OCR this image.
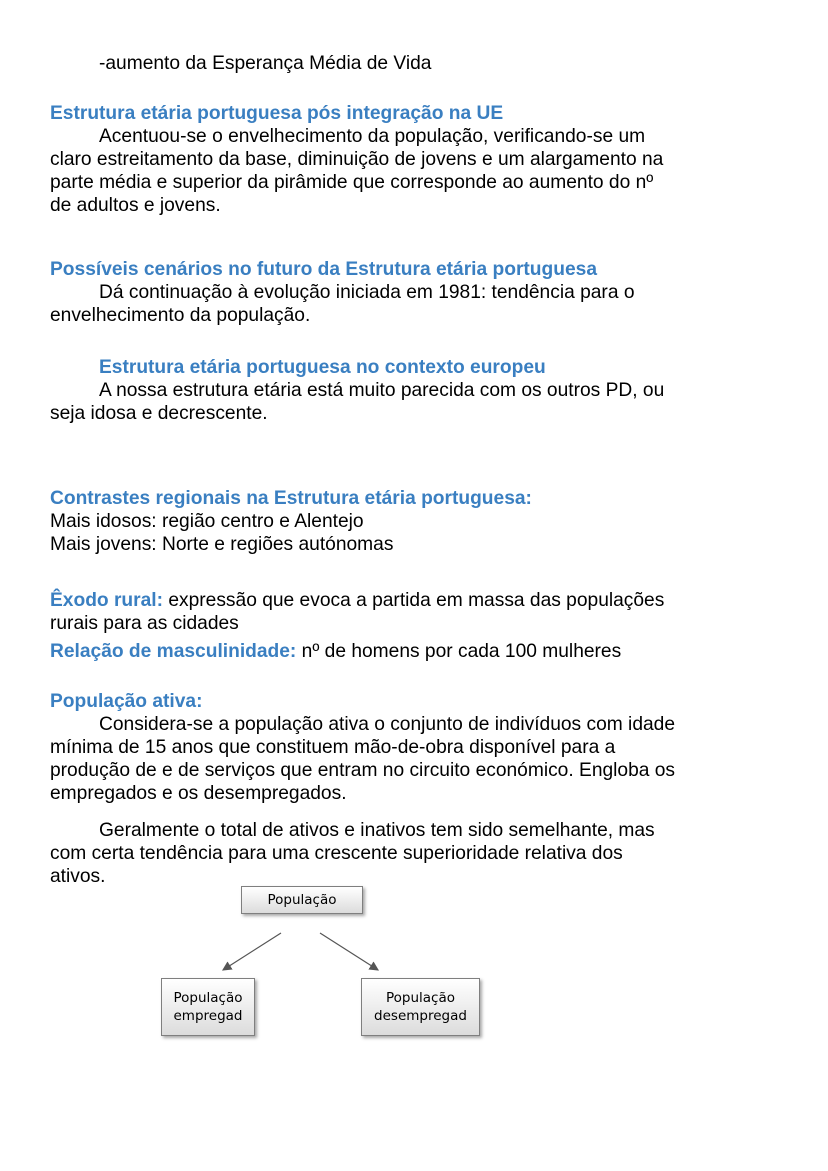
-aumento da Esperança Média de Vida

Estrutura etária portuguesa pós integração na UE

Acentuou-se o envelhecimento da população, verificando-se um

claro estreitamento da base, diminuição de jovens e um alargamento na

parte média e superior da pirâmide que corresponde ao aumento do nº

de adultos e jovens.

Possíveis cenários no futuro da Estrutura etária portuguesa

Dá continuação à evolução iniciada em 1981: tendência para o

envelhecimento da população.

Estrutura etária portuguesa no contexto europeu

A nossa estrutura etária está muito parecida com os outros PD, ou

seja idosa e decrescente.

Contrastes regionais na Estrutura etária portuguesa:

Mais idosos: região centro e Alentejo

Mais jovens: Norte e regiões autónomas

Êxodo rural: expressão que evoca a partida em massa das populações

rurais para as cidades

Relação de masculinidade: nº de homens por cada 100 mulheres

População ativa:

Considera-se a população ativa o conjunto de indivíduos com idade

mínima de 15 anos que constituem mão-de-obra disponível para a

produção de e de serviços que entram no circuito económico. Engloba os

empregados e os desempregados.

Geralmente o total de ativos e inativos tem sido semelhante, mas

com certa tendência para uma crescente superioridade relativa dos

ativos.

População
População
empregad
População
desempregad
